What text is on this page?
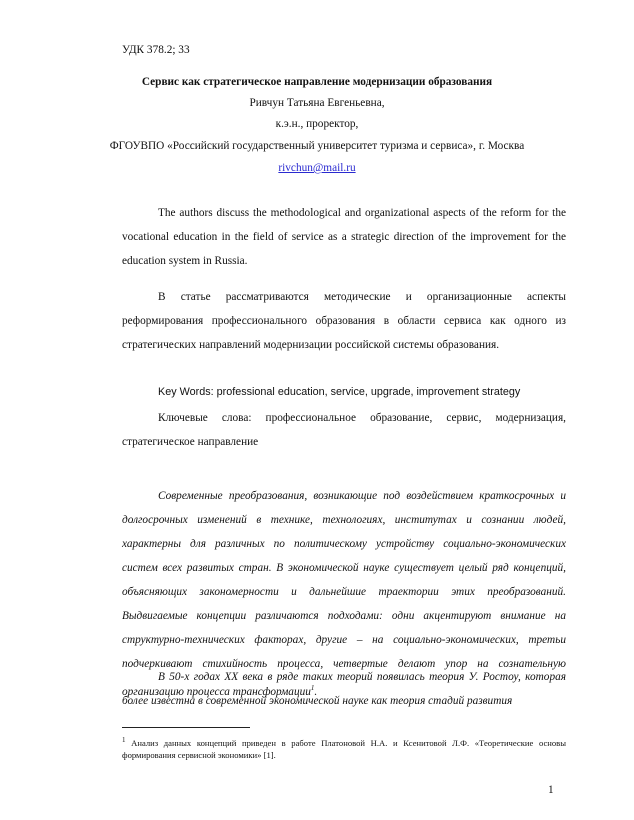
УДК 378.2; 33
Сервис как стратегическое направление модернизации образования
Ривчун Татьяна Евгеньевна,
к.э.н., проректор,
ФГОУВПО «Российский государственный университет туризма и сервиса», г. Москва
rivchun@mail.ru
The authors discuss the methodological and organizational aspects of the reform for the vocational education in the field of service as a strategic direction of the improvement for the education system in Russia.
В статье рассматриваются методические и организационные аспекты реформирования профессионального образования в области сервиса как одного из стратегических направлений модернизации российской системы образования.
Key Words: professional education, service, upgrade, improvement strategy
Ключевые слова: профессиональное образование, сервис, модернизация, стратегическое направление
Современные преобразования, возникающие под воздействием краткосрочных и долгосрочных изменений в технике, технологиях, институтах и сознании людей, характерны для различных по политическому устройству социально-экономических систем всех развитых стран. В экономической науке существует целый ряд концепций, объясняющих закономерности и дальнейшие траектории этих преобразований. Выдвигаемые концепции различаются подходами: одни акцентируют внимание на структурно-технических факторах, другие – на социально-экономических, третьи подчеркивают стихийность процесса, четвертые делают упор на сознательную организацию процесса трансформации$^1$.
В 50-х годах XX века в ряде таких теорий появилась теория У. Ростоу, которая более известна в современной экономической науке как теория стадий развития
$^1$ Анализ данных концепций приведен в работе Платоновой Н.А. и Ксенитовой Л.Ф. «Теоретические основы формирования сервисной экономики» [1].
1
